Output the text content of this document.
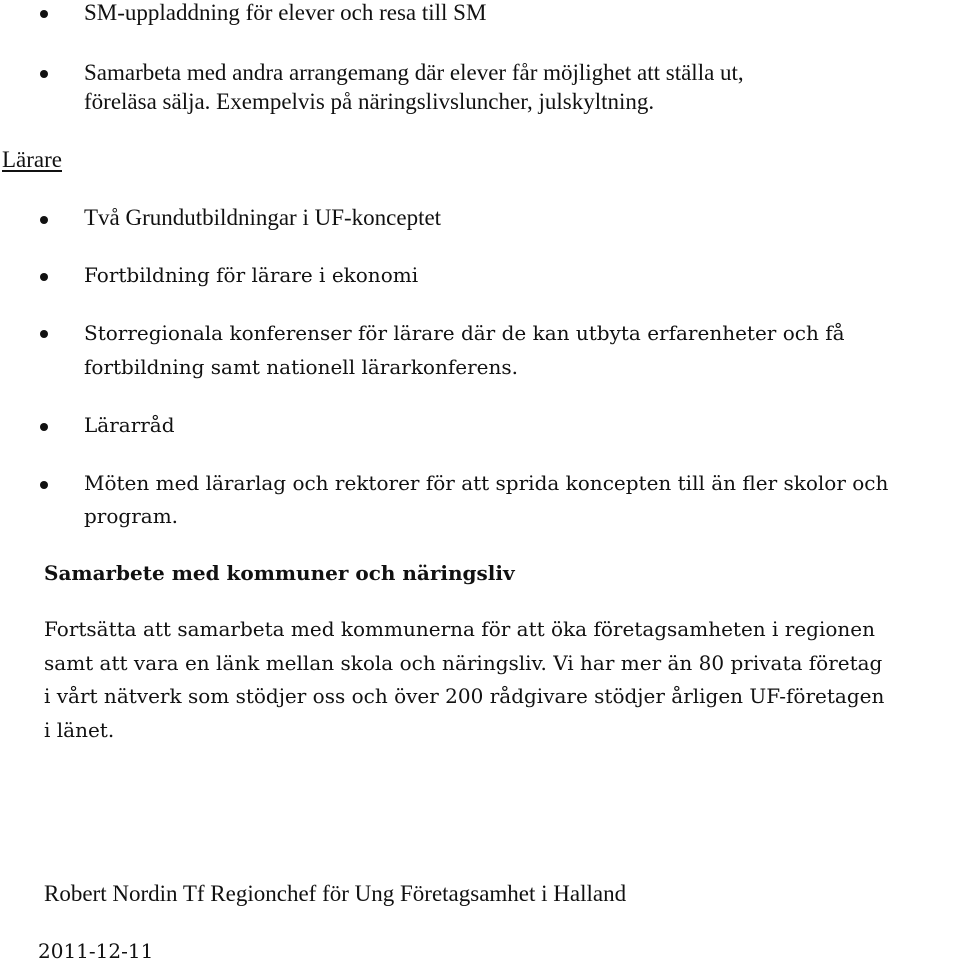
SM-uppladdning för elever och resa till SM
Samarbeta med andra arrangemang där elever får möjlighet att ställa ut,
föreläsa sälja. Exempelvis på näringslivsluncher, julskyltning.
Lärare
Två Grundutbildningar i UF-konceptet
Fortbildning för lärare i ekonomi
Storregionala konferenser för lärare där de kan utbyta erfarenheter och få
fortbildning samt nationell lärarkonferens.
Lärarråd
Möten med lärarlag och rektorer för att sprida koncepten till än fler skolor och
program.
Samarbete med kommuner och näringsliv
Fortsätta att samarbeta med kommunerna för att öka företagsamheten i regionen
samt att vara en länk mellan skola och näringsliv. Vi har mer än 80 privata företag
i vårt nätverk som stödjer oss och över 200 rådgivare stödjer årligen UF-företagen
i länet.
Robert Nordin Tf Regionchef för Ung Företagsamhet i Halland
2011-12-11
